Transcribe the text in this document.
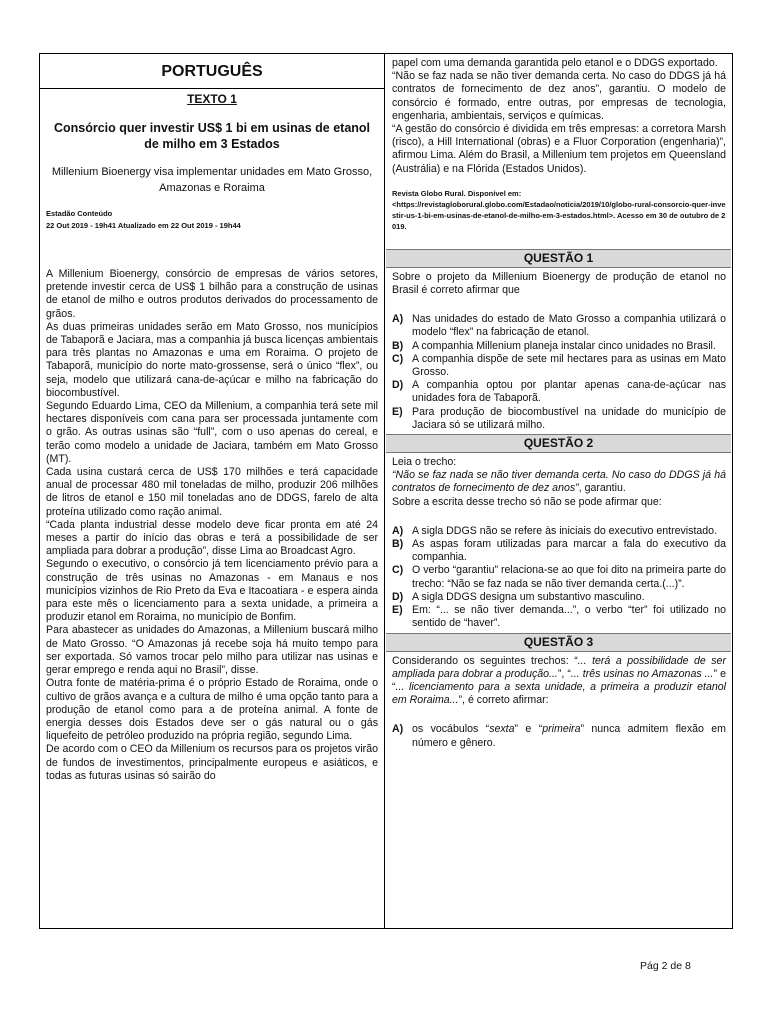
PORTUGUÊS
TEXTO 1
Consórcio quer investir US$ 1 bi em usinas de etanol de milho em 3 Estados
Millenium Bioenergy visa implementar unidades em Mato Grosso, Amazonas e Roraima
Estadão Conteúdo
22 Out 2019 - 19h41 Atualizado em 22 Out 2019 - 19h44

A Millenium Bioenergy, consórcio de empresas de vários setores, pretende investir cerca de US$ 1 bilhão para a construção de usinas de etanol de milho e outros produtos derivados do processamento de grãos.

As duas primeiras unidades serão em Mato Grosso, nos municípios de Tabaporã e Jaciara, mas a companhia já busca licenças ambientais para três plantas no Amazonas e uma em Roraima. O projeto de Tabaporã, município do norte mato-grossense, será o único “flex”, ou seja, modelo que utilizará cana-de-açúcar e milho na fabricação do biocombustível.

Segundo Eduardo Lima, CEO da Millenium, a companhia terá sete mil hectares disponíveis com cana para ser processada juntamente com o grão. As outras usinas são “full”, com o uso apenas do cereal, e terão como modelo a unidade de Jaciara, também em Mato Grosso (MT).

Cada usina custará cerca de US$ 170 milhões e terá capacidade anual de processar 480 mil toneladas de milho, produzir 206 milhões de litros de etanol e 150 mil toneladas ano de DDGS, farelo de alta proteína utilizado como ração animal.

“Cada planta industrial desse modelo deve ficar pronta em até 24 meses a partir do início das obras e terá a possibilidade de ser ampliada para dobrar a produção”, disse Lima ao Broadcast Agro.

Segundo o executivo, o consórcio já tem licenciamento prévio para a construção de três usinas no Amazonas - em Manaus e nos municípios vizinhos de Rio Preto da Eva e Itacoatiara - e espera ainda para este mês o licenciamento para a sexta unidade, a primeira a produzir etanol em Roraima, no município de Bonfim.

Para abastecer as unidades do Amazonas, a Millenium buscará milho de Mato Grosso. “O Amazonas já recebe soja há muito tempo para ser exportada. Só vamos trocar pelo milho para utilizar nas usinas e gerar emprego e renda aqui no Brasil”, disse.

Outra fonte de matéria-prima é o próprio Estado de Roraima, onde o cultivo de grãos avança e a cultura de milho é uma opção tanto para a produção de etanol como para a de proteína animal. A fonte de energia desses dois Estados deve ser o gás natural ou o gás liquefeito de petróleo produzido na própria região, segundo Lima.

De acordo com o CEO da Millenium os recursos para os projetos virão de fundos de investimentos, principalmente europeus e asiáticos, e todas as futuras usinas só sairão do

papel com uma demanda garantida pelo etanol e o DDGS exportado.

“Não se faz nada se não tiver demanda certa. No caso do DDGS já há contratos de fornecimento de dez anos”, garantiu. O modelo de consórcio é formado, entre outras, por empresas de tecnologia, engenharia, ambientais, serviços e químicas.

“A gestão do consórcio é dividida em três empresas: a corretora Marsh (risco), a Hill International (obras) e a Fluor Corporation (engenharia)”, afirmou Lima. Além do Brasil, a Millenium tem projetos em Queensland (Austrália) e na Flórida (Estados Unidos).

Revista Globo Rural. Disponível em:
<https://revistagloborural.globo.com/Estadao/noticia/2019/10/globo-rural-consorcio-quer-investir-us-1-bi-em-usinas-de-etanol-de-milho-em-3-estados.html>. Acesso em 30 de outubro de 2019.
QUESTÃO 1
Sobre o projeto da Millenium Bioenergy de produção de etanol no Brasil é correto afirmar que
A) Nas unidades do estado de Mato Grosso a companhia utilizará o modelo “flex” na fabricação de etanol.
B) A companhia Millenium planeja instalar cinco unidades no Brasil.
C) A companhia dispõe de sete mil hectares para as usinas em Mato Grosso.
D) A companhia optou por plantar apenas cana-de-açúcar nas unidades fora de Tabaporã.
E) Para produção de biocombustível na unidade do município de Jaciara só se utilizará milho.
QUESTÃO 2
Leia o trecho:
“Não se faz nada se não tiver demanda certa. No caso do DDGS já há contratos de fornecimento de dez anos”, garantiu.
Sobre a escrita desse trecho só não se pode afirmar que:
A) A sigla DDGS não se refere às iniciais do executivo entrevistado.
B) As aspas foram utilizadas para marcar a fala do executivo da companhia.
C) O verbo “garantiu” relaciona-se ao que foi dito na primeira parte do trecho: “Não se faz nada se não tiver demanda certa.(...)”.
D) A sigla DDGS designa um substantivo masculino.
E) Em: “... se não tiver demanda...”, o verbo “ter” foi utilizado no sentido de “haver”.
QUESTÃO 3
Considerando os seguintes trechos: “... terá a possibilidade de ser ampliada para dobrar a produção...”, “... três usinas no Amazonas ...” e “... licenciamento para a sexta unidade, a primeira a produzir etanol em Roraima...”, é correto afirmar:
A) os vocábulos “sexta” e “primeira” nunca admitem flexão em número e gênero.
Pág 2 de 8
